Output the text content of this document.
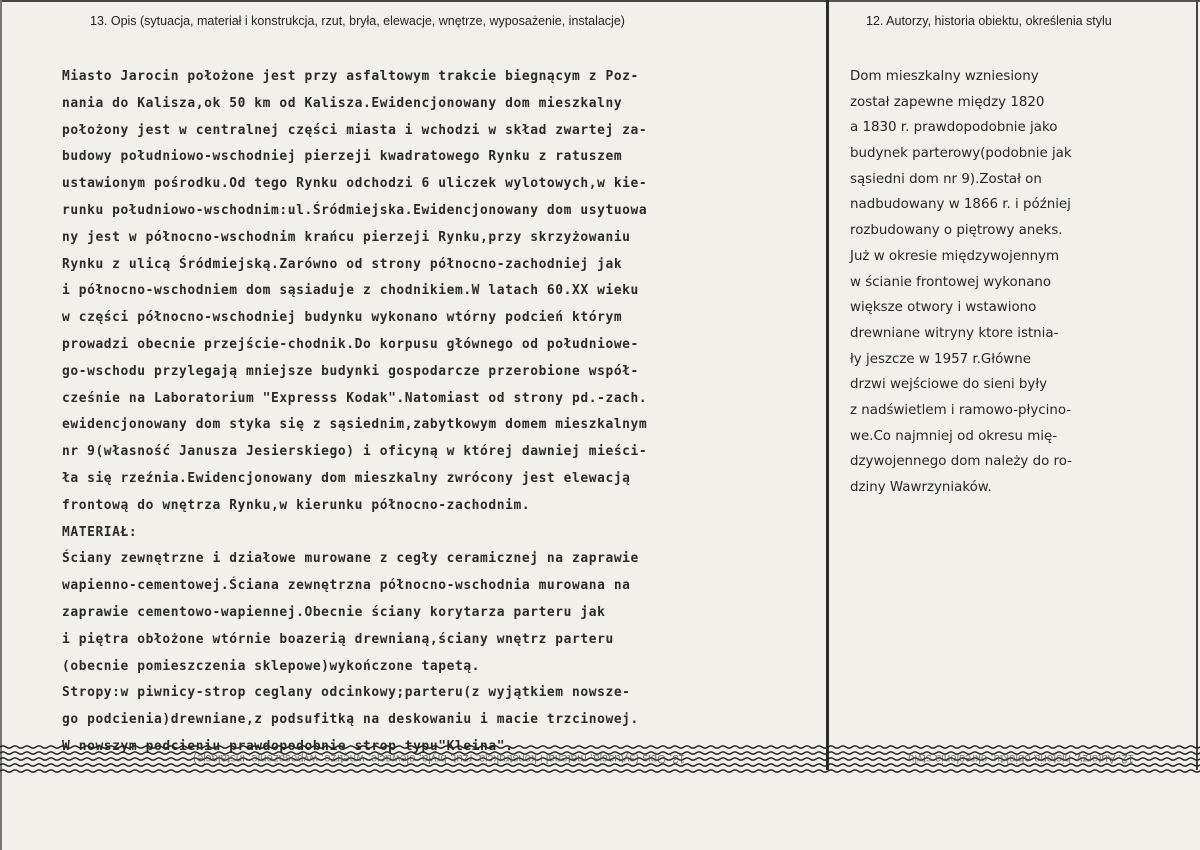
13. Opis (sytuacja, materiał i konstrukcja, rzut, bryła, elewacje, wnętrze, wyposażenie, instalacje)	12. Autorzy, historia obiektu, określenia stylu
Miasto Jarocin położone jest przy asfaltowym trakcie biegnącym z Poz-
nania do Kalisza,ok 50 km od Kalisza.Ewidencjonowany dom mieszkalny
położony jest w centralnej części miasta i wchodzi w skład zwartej za-
budowy południowo-wschodniej pierzeji kwadratowego Rynku z ratuszem
ustawionym pośrodku.Od tego Rynku odchodzi 6 uliczek wylotowych,w kie-
runku południowo-wschodnim:ul.Śródmiejska.Ewidencjonowany dom usytuowa
ny jest w północno-wschodnim krańcu pierzeji Rynku,przy skrzyżowaniu
Rynku z ulicą Śródmiejską.Zarówno od strony północno-zachodniej jak
i północno-wschodniem dom sąsiaduje z chodnikiem.W latach 60.XX wieku
w części północno-wschodniej budynku wykonano wtórny podcień którym
prowadzi obecnie przejście-chodnik.Do korpusu głównego od południowe-
go-wschodu przylegają mniejsze budynki gospodarcze przerobione współ-
cześnie na Laboratorium "Expresss Kodak".Natomiast od strony pd.-zach.
ewidencjonowany dom styka się z sąsiednim,zabytkowym domem mieszkalnym
nr 9(własność Janusza Jesierskiego) i oficyną w której dawniej mieści-
ła się rzeźnia.Ewidencjonowany dom mieszkalny zwrócony jest elewacją
frontową do wnętrza Rynku,w kierunku północno-zachodnim.
MATERIAŁ:
Ściany zewnętrzne i działowe murowane z cegły ceramicznej na zaprawie
wapienno-cementowej.Ściana zewnętrzna północno-wschodnia murowana na
zaprawie cementowo-wapiennej.Obecnie ściany korytarza parteru jak
i piętra obłożone wtórnie boazerią drewnianą,ściany wnętrz parteru
(obecnie pomieszczenia sklepowe)wykończone tapetą.
Stropy:w piwnicy-strop ceglany odcinkowy;parteru(z wyjątkiem nowsze-
go podcienia)drewniane,z podsufitką na deskowaniu i macie trzcinowej.
W nowszym podcieniu prawdopodobnie strop typu"Kleina".
Dom mieszkalny wzniesiony
został zapewne między 1820
a 1830 r. prawdopodobnie jako
budynek parterowy(podobnie jak
sąsiedni dom nr 9).Został on
nadbudowany w 1866 r. i później
rozbudowany o piętrowy aneks.
Już w okresie międzywojennym
w ścianie frontowej wykonano
większe otwory i wstawiono
drewniane witryny ktore istnia-
ły jeszcze w 1957 r.Główne
drzwi wejściowe do sieni były
z nadświetlem i ramowo-płycino-
we.Co najmniej od okresu mię-
dzywojennego dom należy do ro-
dziny Wawrzyniaków.
13. Opis (sytuacja, materiał i konstrukcja, rzut, bryła, elewacje, wnętrze, wyposażenie, instalacje)	12. Autorzy, historia obiektu, określenia stylu
